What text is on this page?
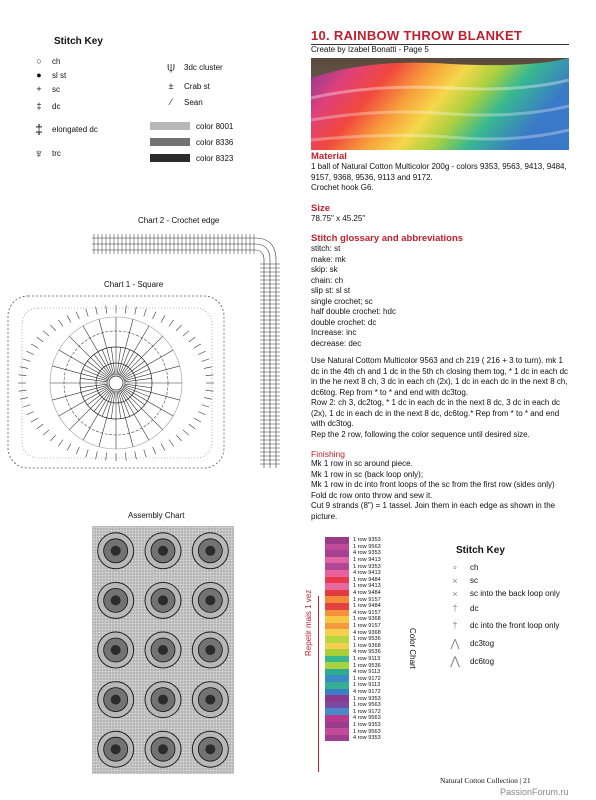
Stitch Key
○	ch
●	sl st
+	sc
‡	dc
‡	elongated dc
♆ trc
⍦	3dc cluster
±	Crab st
⁄	Sean
color 8001
color 8336
color 8323
Chart 2 - Crochet edge
Chart 1 - Square
Assembly Chart
10. RAINBOW THROW BLANKET
Create by Izabel Bonatti - Page 5
Material
1 ball of Natural Cotton Multicolor 200g - colors 9353, 9563, 9413, 9484, 9157, 9368, 9536, 9113 and 9172.
Crochet hook G6.
Size
78.75" x 45.25"
Stitch glossary and abbreviations
stitch: st
make: mk
skip: sk
chain: ch
slip st: sl st
single crochet; sc
half double crochet: hdc
double crochet: dc
Increase: inc
decrease: dec
Use Natural Cottom Multicolor 9563 and ch 219 ( 216 + 3 to turn). mk 1 dc in the 4th ch and 1 dc in the 5th ch closing them tog, * 1 dc in each dc in the he next 8 ch, 3 dc in each ch (2x), 1 dc in each dc in the next 8 ch, dc6tog. Rep from * to * and end with dc3tog.
Row 2: ch 3, dc2tog, * 1 dc in each dc in the next 8 dc, 3 dc in each dc (2x), 1 dc in each dc in the next 8 dc, dc6tog.* Rep from * to * and end with dc3tog.
Rep the 2 row, following the color sequence until desired size.
Finishing
Mk 1 row in sc around piece.
Mk 1 row in sc (back loop only);
Mk 1 row in dc into front loops of the sc from the first row (sides only)
Fold dc row onto throw and sew it.
Cut 9 strands (8") = 1 tassel. Join them in each edge as shown in the picture.
Repetir mais 1 vez
1 row 9353
1 row 9563
4 row 9353
1 row 9413
1 row 9353
4 row 9413
1 row 9484
1 row 9413
4 row 9484
1 row 9157
1 row 9484
4 row 9157
1 row 9368
1 row 9157
4 row 9368
1 row 9536
1 row 9368
4 row 9536
1 row 9113
1 row 9536
4 row 9113
1 row 9172
1 row 9113
4 row 9172
1 row 9353
1 row 9563
1 row 9172
4 row 9563
1 row 9353
1 row 9563
4 row 9353
Color Chart
Stitch Key
∘	ch
×	sc
×	sc into the back loop only
†	dc
†	dc into the front loop only
⋀	dc3tog
⋀ dc6tog
Natural Cotton Collection | 21
PassionForum.ru
